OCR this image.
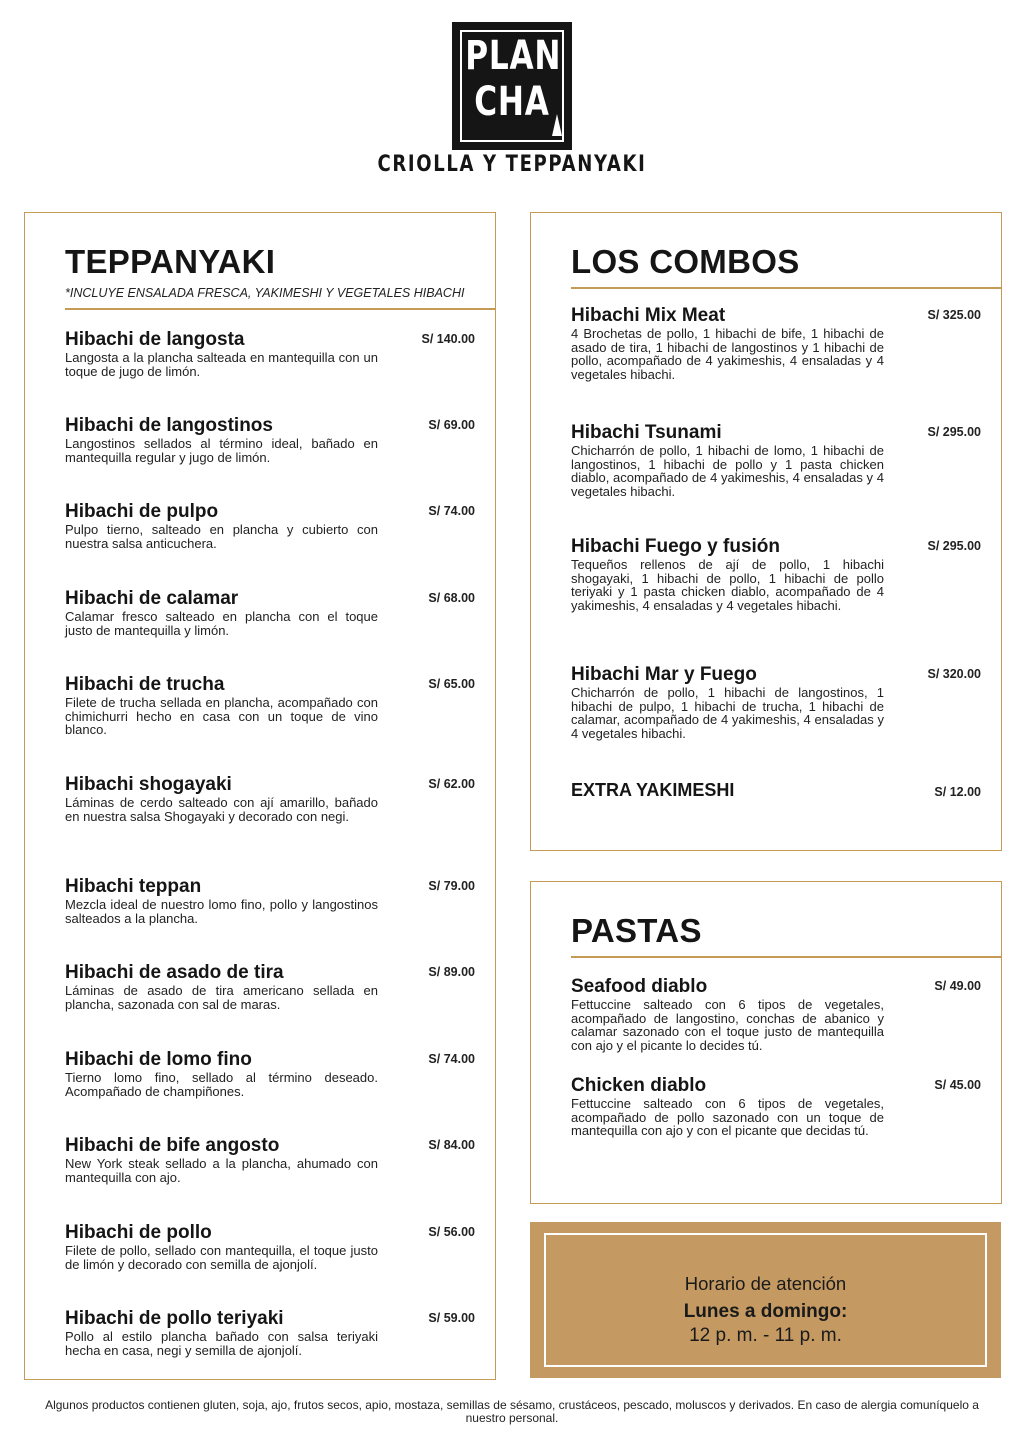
PLAN
CHA
CRIOLLA Y TEPPANYAKI
TEPPANYAKI
*INCLUYE ENSALADA FRESCA, YAKIMESHI Y VEGETALES HIBACHI
Hibachi de langosta	S/ 140.00
Langosta a la plancha salteada en mantequilla con un toque de jugo de limón.
Hibachi de langostinos	S/ 69.00
Langostinos sellados al término ideal, bañado en mantequilla regular y jugo de limón.
Hibachi de pulpo	S/ 74.00
Pulpo tierno, salteado en plancha y cubierto con nuestra salsa anticuchera.
Hibachi de calamar	S/ 68.00
Calamar fresco salteado en plancha con el toque justo de mantequilla y limón.
Hibachi de trucha	S/ 65.00
Filete de trucha sellada en plancha, acompañado con chimichurri hecho en casa con un toque de vino blanco.
Hibachi shogayaki	S/ 62.00
Láminas de cerdo salteado con ají amarillo, bañado en nuestra salsa Shogayaki y decorado con negi.
Hibachi teppan	S/ 79.00
Mezcla ideal de nuestro lomo fino, pollo y langostinos salteados a la plancha.
Hibachi de asado de tira	S/ 89.00
Láminas de asado de tira americano sellada en plancha, sazonada con sal de maras.
Hibachi de lomo fino	S/ 74.00
Tierno lomo fino, sellado al término deseado. Acompañado de champiñones.
Hibachi de bife angosto	S/ 84.00
New York steak sellado a la plancha, ahumado con mantequilla con ajo.
Hibachi de pollo	S/ 56.00
Filete de pollo, sellado con mantequilla, el toque justo de limón y decorado con semilla de ajonjolí.
Hibachi de pollo teriyaki	S/ 59.00
Pollo al estilo plancha bañado con salsa teriyaki hecha en casa, negi y semilla de ajonjolí.
LOS COMBOS
Hibachi Mix Meat	S/ 325.00
4 Brochetas de pollo, 1 hibachi de bife, 1 hibachi de asado de tira, 1 hibachi de langostinos y 1 hibachi de pollo, acompañado de 4 yakimeshis, 4 ensaladas y 4 vegetales hibachi.
Hibachi Tsunami	S/ 295.00
Chicharrón de pollo, 1 hibachi de lomo, 1 hibachi de langostinos, 1 hibachi de pollo y 1 pasta chicken diablo, acompañado de 4 yakimeshis, 4 ensaladas y 4 vegetales hibachi.
Hibachi Fuego y fusión	S/ 295.00
Tequeños rellenos de ají de pollo, 1 hibachi shogayaki, 1 hibachi de pollo, 1 hibachi de pollo teriyaki y 1 pasta chicken diablo, acompañado de 4 yakimeshis, 4 ensaladas y 4 vegetales hibachi.
Hibachi Mar y Fuego	S/ 320.00
Chicharrón de pollo, 1 hibachi de langostinos, 1 hibachi de pulpo, 1 hibachi de trucha, 1 hibachi de calamar, acompañado de 4 yakimeshis, 4 ensaladas y 4 vegetales hibachi.
EXTRA YAKIMESHI	S/ 12.00
PASTAS
Seafood diablo	S/ 49.00
Fettuccine salteado con 6 tipos de vegetales, acompañado de langostino, conchas de abanico y calamar sazonado con el toque justo de mantequilla con ajo y el picante lo decides tú.
Chicken diablo	S/ 45.00
Fettuccine salteado con 6 tipos de vegetales, acompañado de pollo sazonado con un toque de mantequilla con ajo y con el picante que decidas tú.
Horario de atención
Lunes a domingo:
12 p. m. - 11 p. m.
Algunos productos contienen gluten, soja, ajo, frutos secos, apio, mostaza, semillas de sésamo, crustáceos, pescado, moluscos y derivados. En caso de alergia comuníquelo a nuestro personal.
